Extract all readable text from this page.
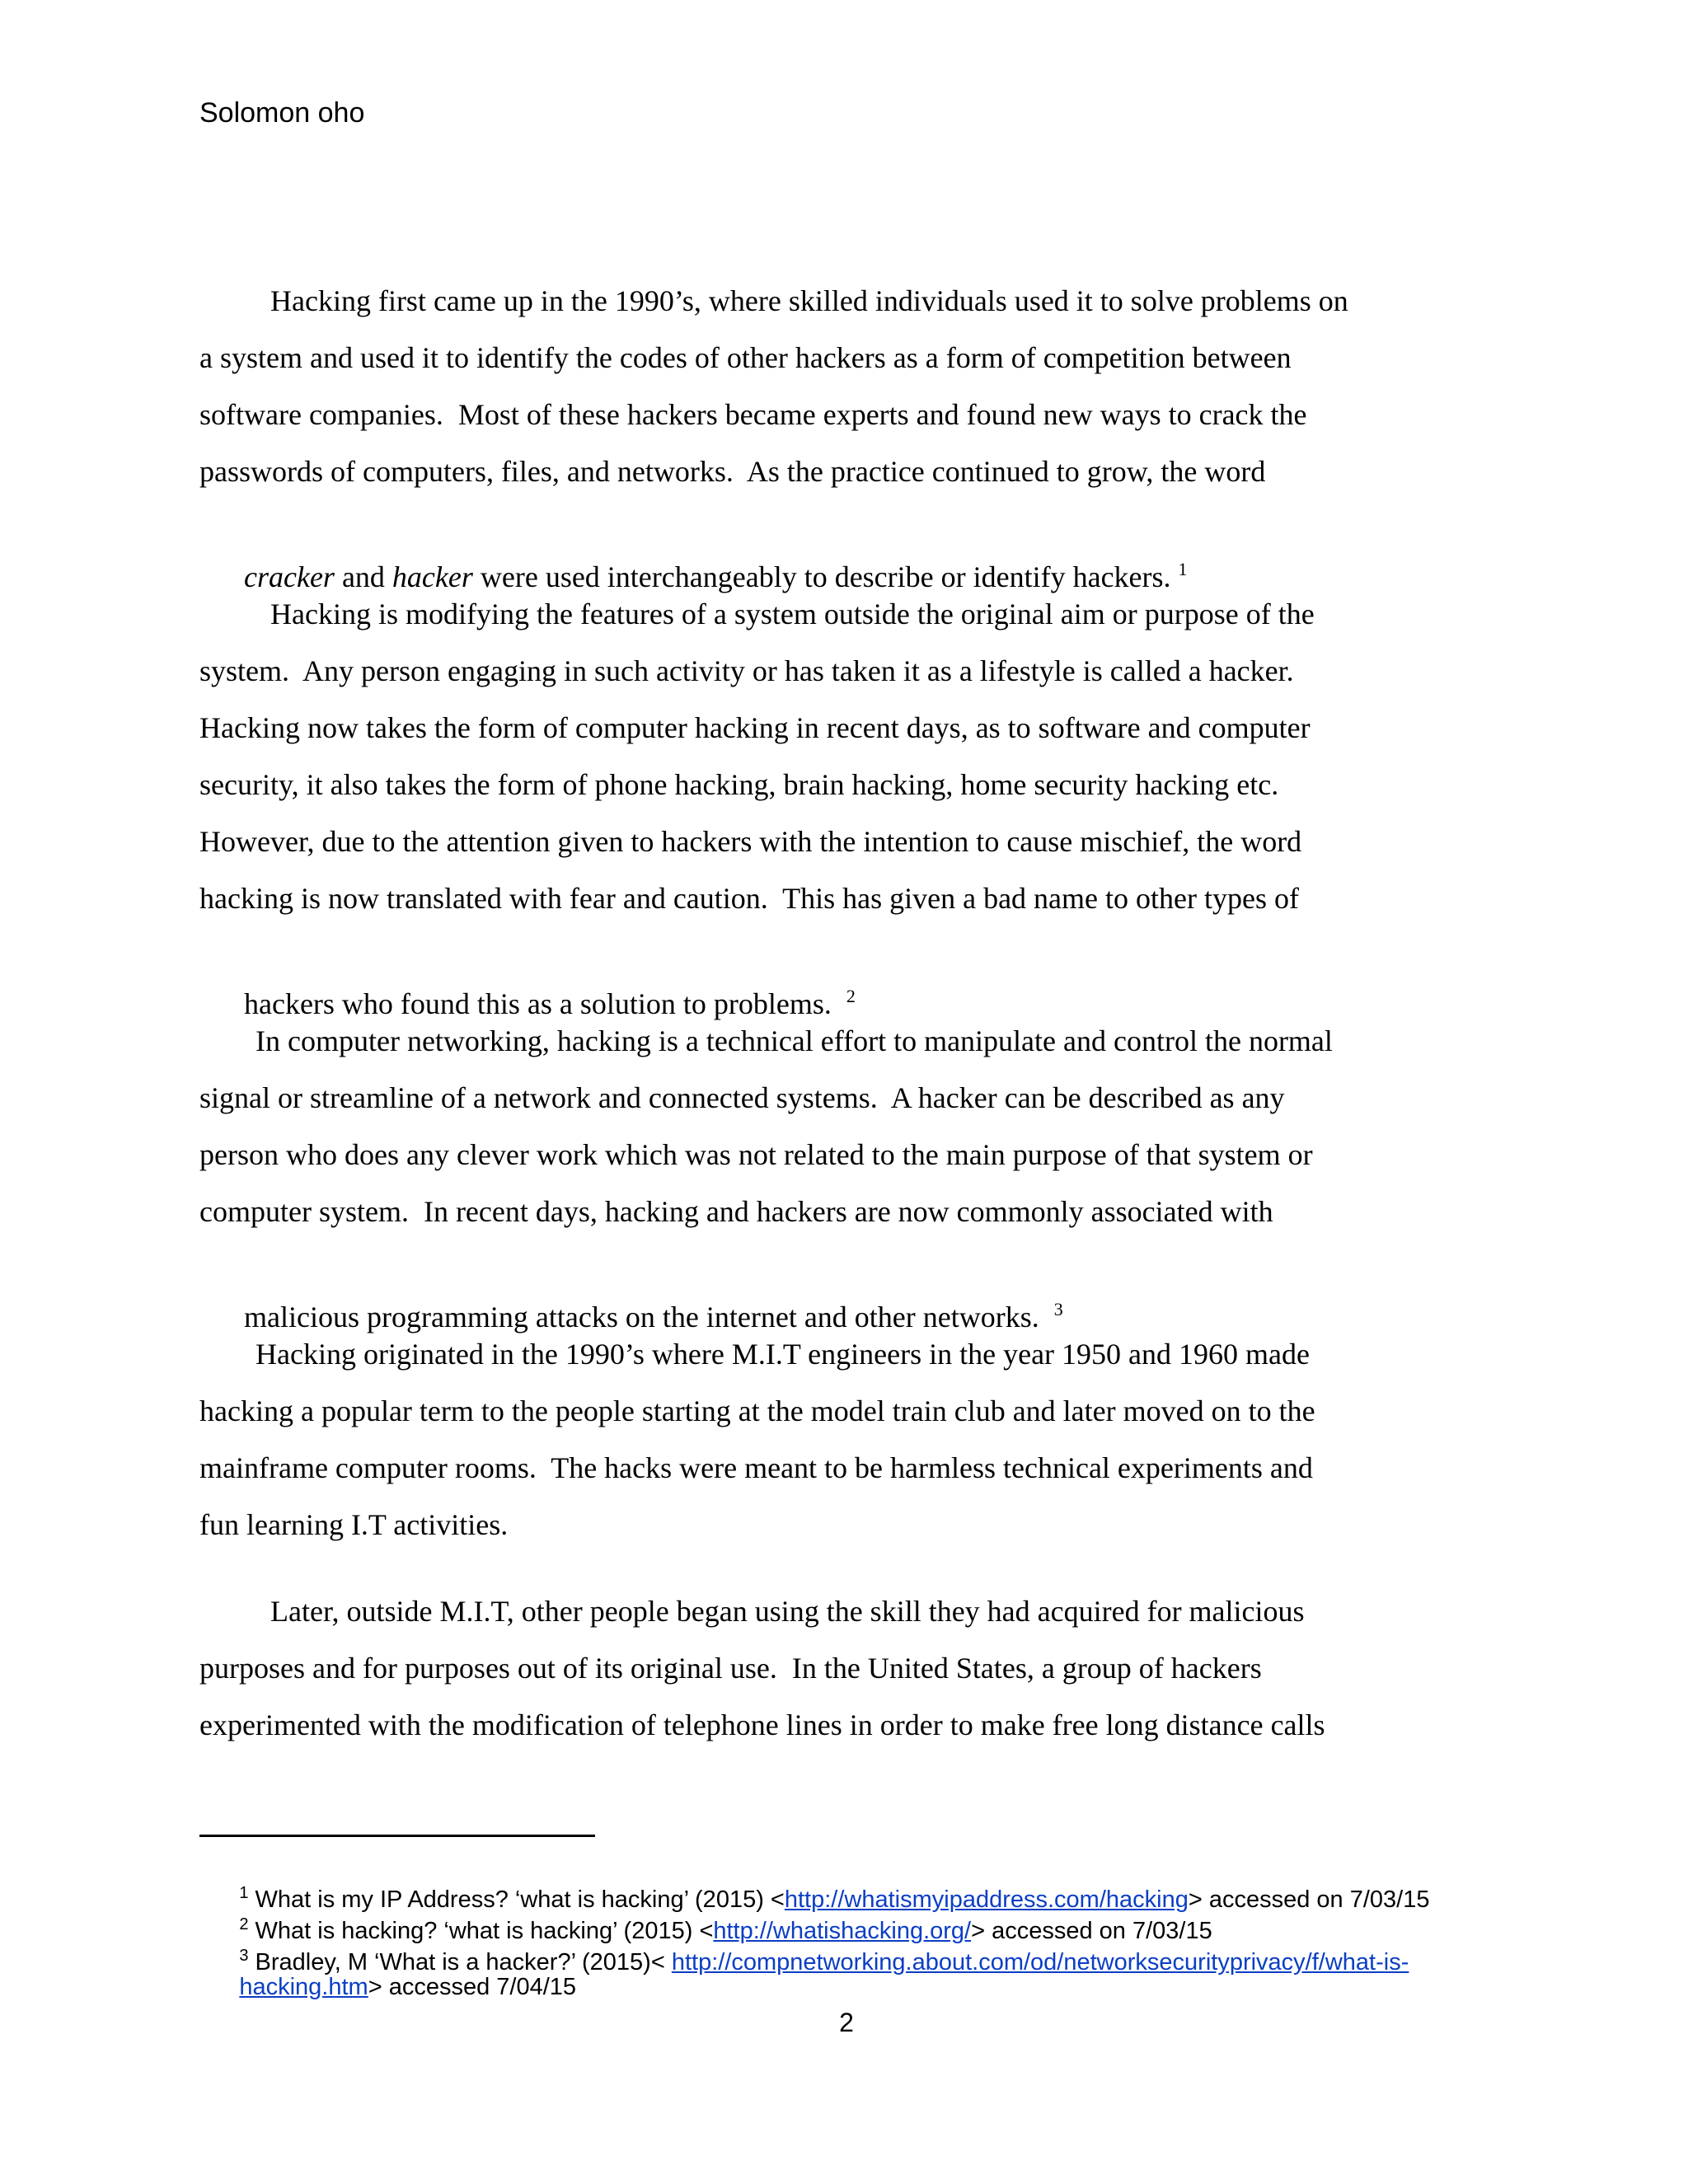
Solomon oho
Hacking first came up in the 1990’s, where skilled individuals used it to solve problems on
a system and used it to identify the codes of other hackers as a form of competition between
software companies.  Most of these hackers became experts and found new ways to crack the
passwords of computers, files, and networks.  As the practice continued to grow, the word

cracker and hacker were used interchangeably to describe or identify hackers. $^1$

Hacking is modifying the features of a system outside the original aim or purpose of the
system.  Any person engaging in such activity or has taken it as a lifestyle is called a hacker.
Hacking now takes the form of computer hacking in recent days, as to software and computer
security, it also takes the form of phone hacking, brain hacking, home security hacking etc.
However, due to the attention given to hackers with the intention to cause mischief, the word
hacking is now translated with fear and caution.  This has given a bad name to other types of

hackers who found this as a solution to problems.  $^2$

In computer networking, hacking is a technical effort to manipulate and control the normal
signal or streamline of a network and connected systems.  A hacker can be described as any
person who does any clever work which was not related to the main purpose of that system or
computer system.  In recent days, hacking and hackers are now commonly associated with

malicious programming attacks on the internet and other networks.  $^3$

Hacking originated in the 1990’s where M.I.T engineers in the year 1950 and 1960 made
hacking a popular term to the people starting at the model train club and later moved on to the
mainframe computer rooms.  The hacks were meant to be harmless technical experiments and
fun learning I.T activities.
Later, outside M.I.T, other people began using the skill they had acquired for malicious
purposes and for purposes out of its original use.  In the United States, a group of hackers
experimented with the modification of telephone lines in order to make free long distance calls

$^1$ What is my IP Address? ‘what is hacking’ (2015) <http://whatismyipaddress.com/hacking> accessed on 7/03/15

$^2$ What is hacking? ‘what is hacking’ (2015) <http://whatishacking.org/> accessed on 7/03/15

$^3$ Bradley, M ‘What is a hacker?’ (2015)< http://compnetworking.about.com/od/networksecurityprivacy/f/what-is-

hacking.htm> accessed 7/04/15

2
